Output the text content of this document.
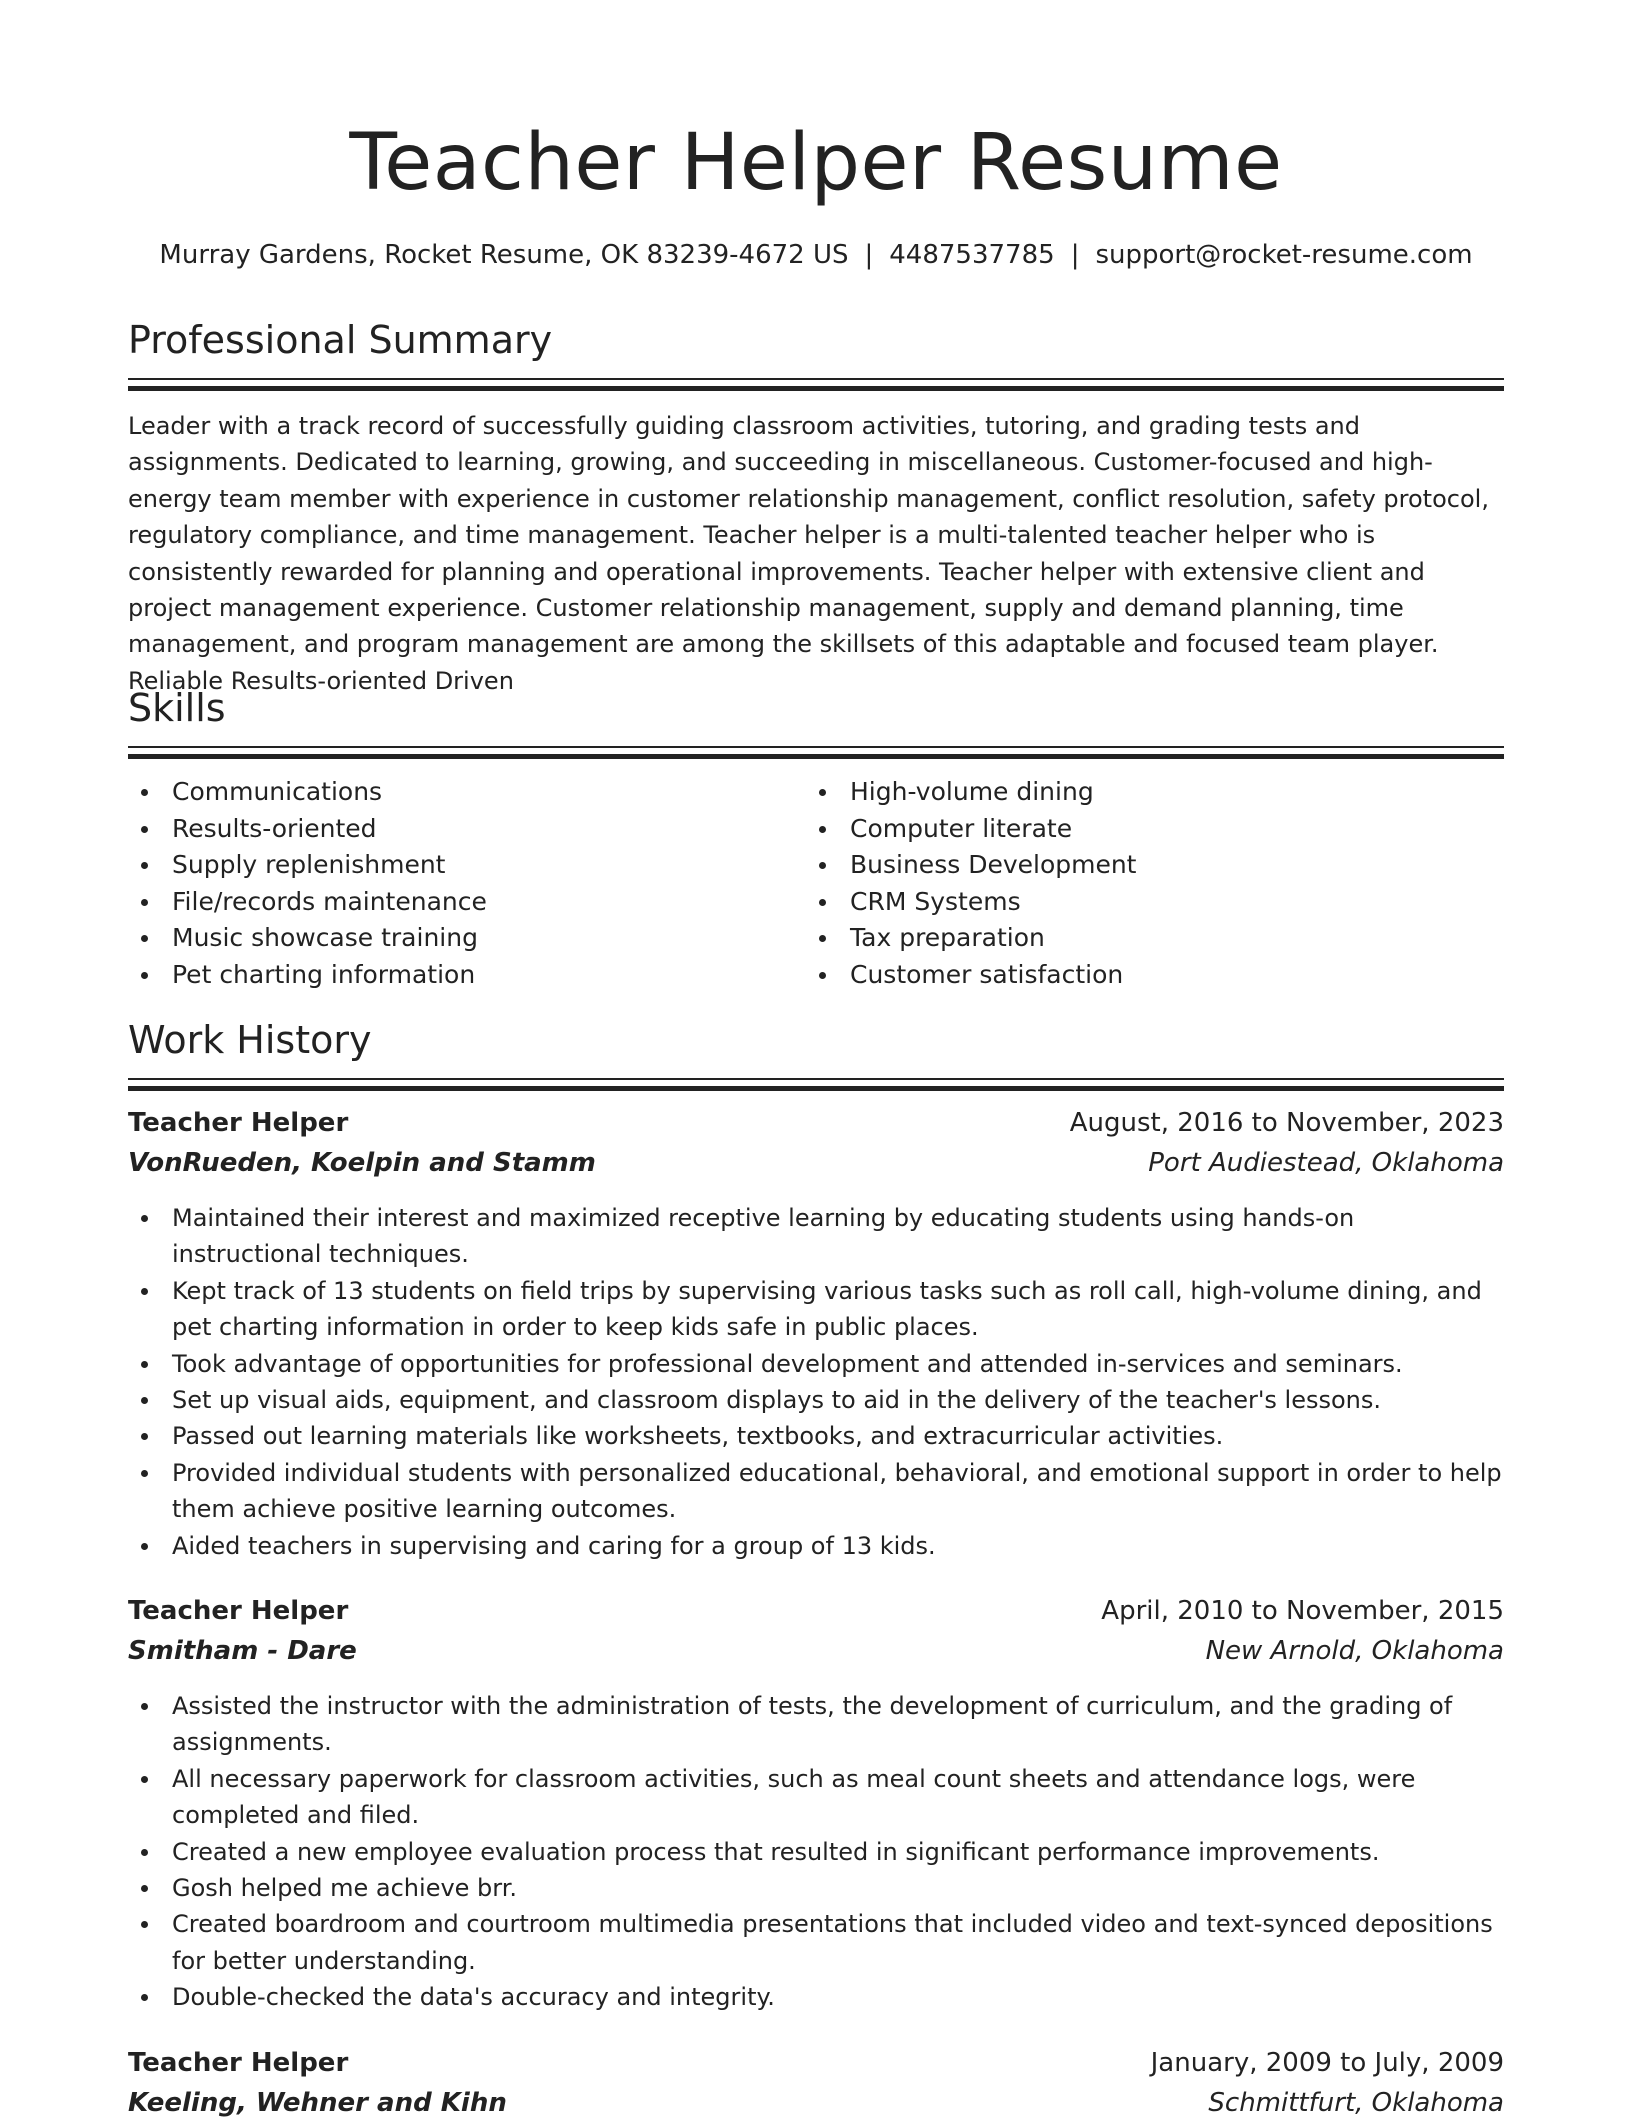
Teacher Helper Resume
Murray Gardens, Rocket Resume, OK 83239-4672 US | 4487537785 | support@rocket-resume.com
Professional Summary

Leader with a track record of successfully guiding classroom activities, tutoring, and grading tests and assignments. Dedicated to learning, growing, and succeeding in miscellaneous. Customer-focused and high-energy team member with experience in customer relationship management, conflict resolution, safety protocol, regulatory compliance, and time management. Teacher helper is a multi-talented teacher helper who is consistently rewarded for planning and operational improvements. Teacher helper with extensive client and project management experience. Customer relationship management, supply and demand planning, time management, and program management are among the skillsets of this adaptable and focused team player. Reliable Results-oriented Driven

Skills
Communications
Results-oriented
Supply replenishment
File/records maintenance
Music showcase training
Pet charting information
High-volume dining
Computer literate
Business Development
CRM Systems
Tax preparation
Customer satisfaction
Work History
Teacher Helper	August, 2016 to November, 2023
VonRueden, Koelpin and Stamm	Port Audiestead, Oklahoma
Maintained their interest and maximized receptive learning by educating students using hands-on instructional techniques.
Kept track of 13 students on field trips by supervising various tasks such as roll call, high-volume dining, and pet charting information in order to keep kids safe in public places.
Took advantage of opportunities for professional development and attended in-services and seminars.
Set up visual aids, equipment, and classroom displays to aid in the delivery of the teacher's lessons.
Passed out learning materials like worksheets, textbooks, and extracurricular activities.
Provided individual students with personalized educational, behavioral, and emotional support in order to help them achieve positive learning outcomes.
Aided teachers in supervising and caring for a group of 13 kids.
Teacher Helper	April, 2010 to November, 2015
Smitham - Dare	New Arnold, Oklahoma
Assisted the instructor with the administration of tests, the development of curriculum, and the grading of assignments.
All necessary paperwork for classroom activities, such as meal count sheets and attendance logs, were completed and filed.
Created a new employee evaluation process that resulted in significant performance improvements.
Gosh helped me achieve brr.
Created boardroom and courtroom multimedia presentations that included video and text-synced depositions for better understanding.
Double-checked the data's accuracy and integrity.
Teacher Helper	January, 2009 to July, 2009
Keeling, Wehner and Kihn	Schmittfurt, Oklahoma
